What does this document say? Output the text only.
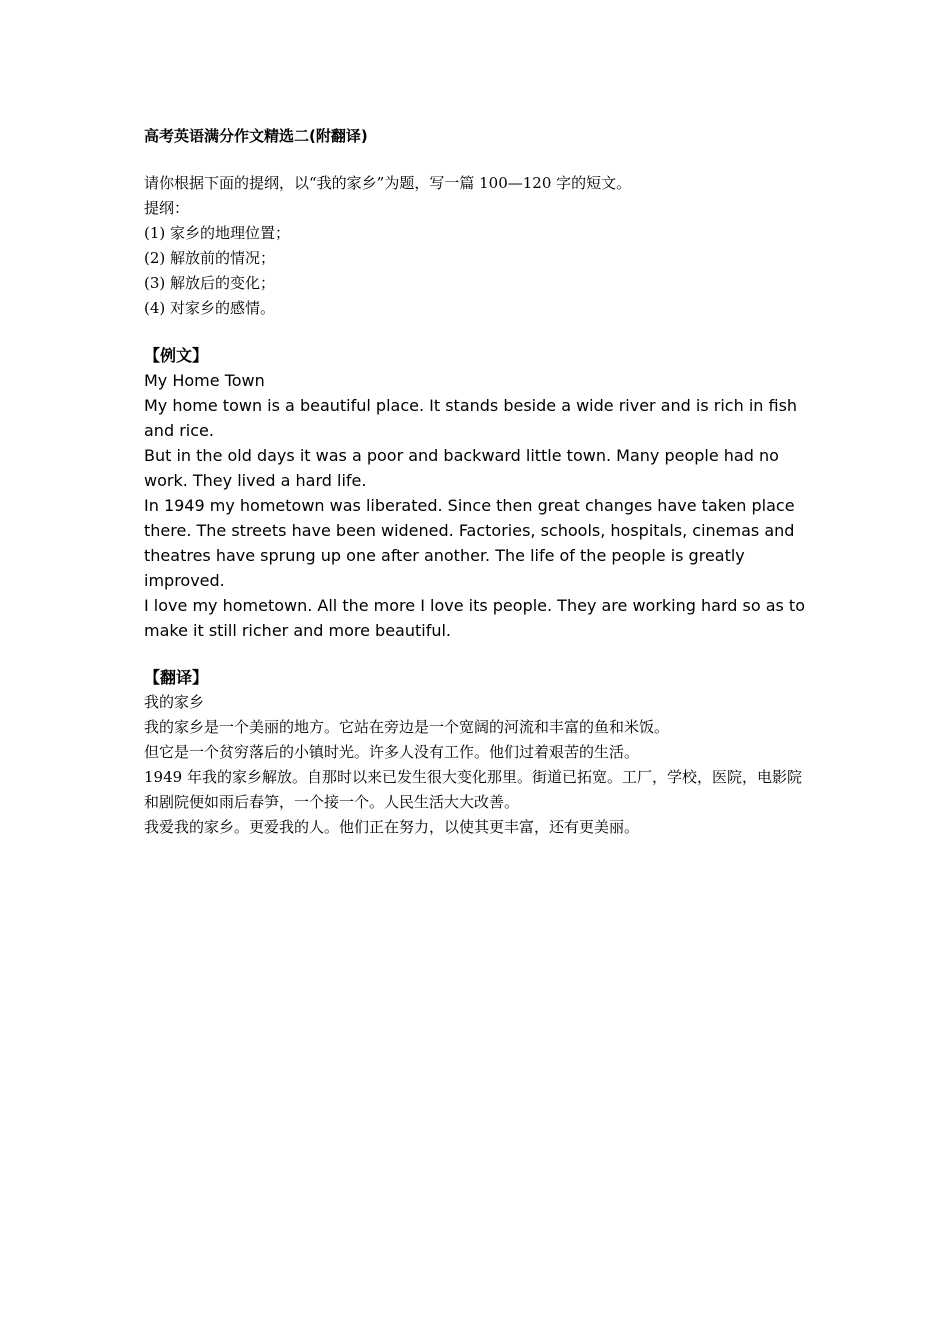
高考英语满分作文精选二(附翻译)

请你根据下面的提纲，以“我的家乡”为题，写一篇 100—120 字的短文。

提纲：

(1) 家乡的地理位置；

(2) 解放前的情况；

(3) 解放后的变化；

(4) 对家乡的感情。

【例文】

My Home Town

My home town is a beautiful place. It stands beside a wide river and is rich in fish and rice.

But in the old days it was a poor and backward little town. Many people had no work. They lived a hard life.

In 1949 my hometown was liberated. Since then great changes have taken place there. The streets have been widened. Factories, schools, hospitals, cinemas and theatres have sprung up one after another. The life of the people is greatly improved.

I love my hometown. All the more I love its people. They are working hard so as to make it still richer and more beautiful.

【翻译】

我的家乡

我的家乡是一个美丽的地方。它站在旁边是一个宽阔的河流和丰富的鱼和米饭。

但它是一个贫穷落后的小镇时光。许多人没有工作。他们过着艰苦的生活。

1949 年我的家乡解放。自那时以来已发生很大变化那里。街道已拓宽。工厂，学校，医院，电影院和剧院便如雨后春笋，一个接一个。人民生活大大改善。

我爱我的家乡。更爱我的人。他们正在努力，以使其更丰富，还有更美丽。
